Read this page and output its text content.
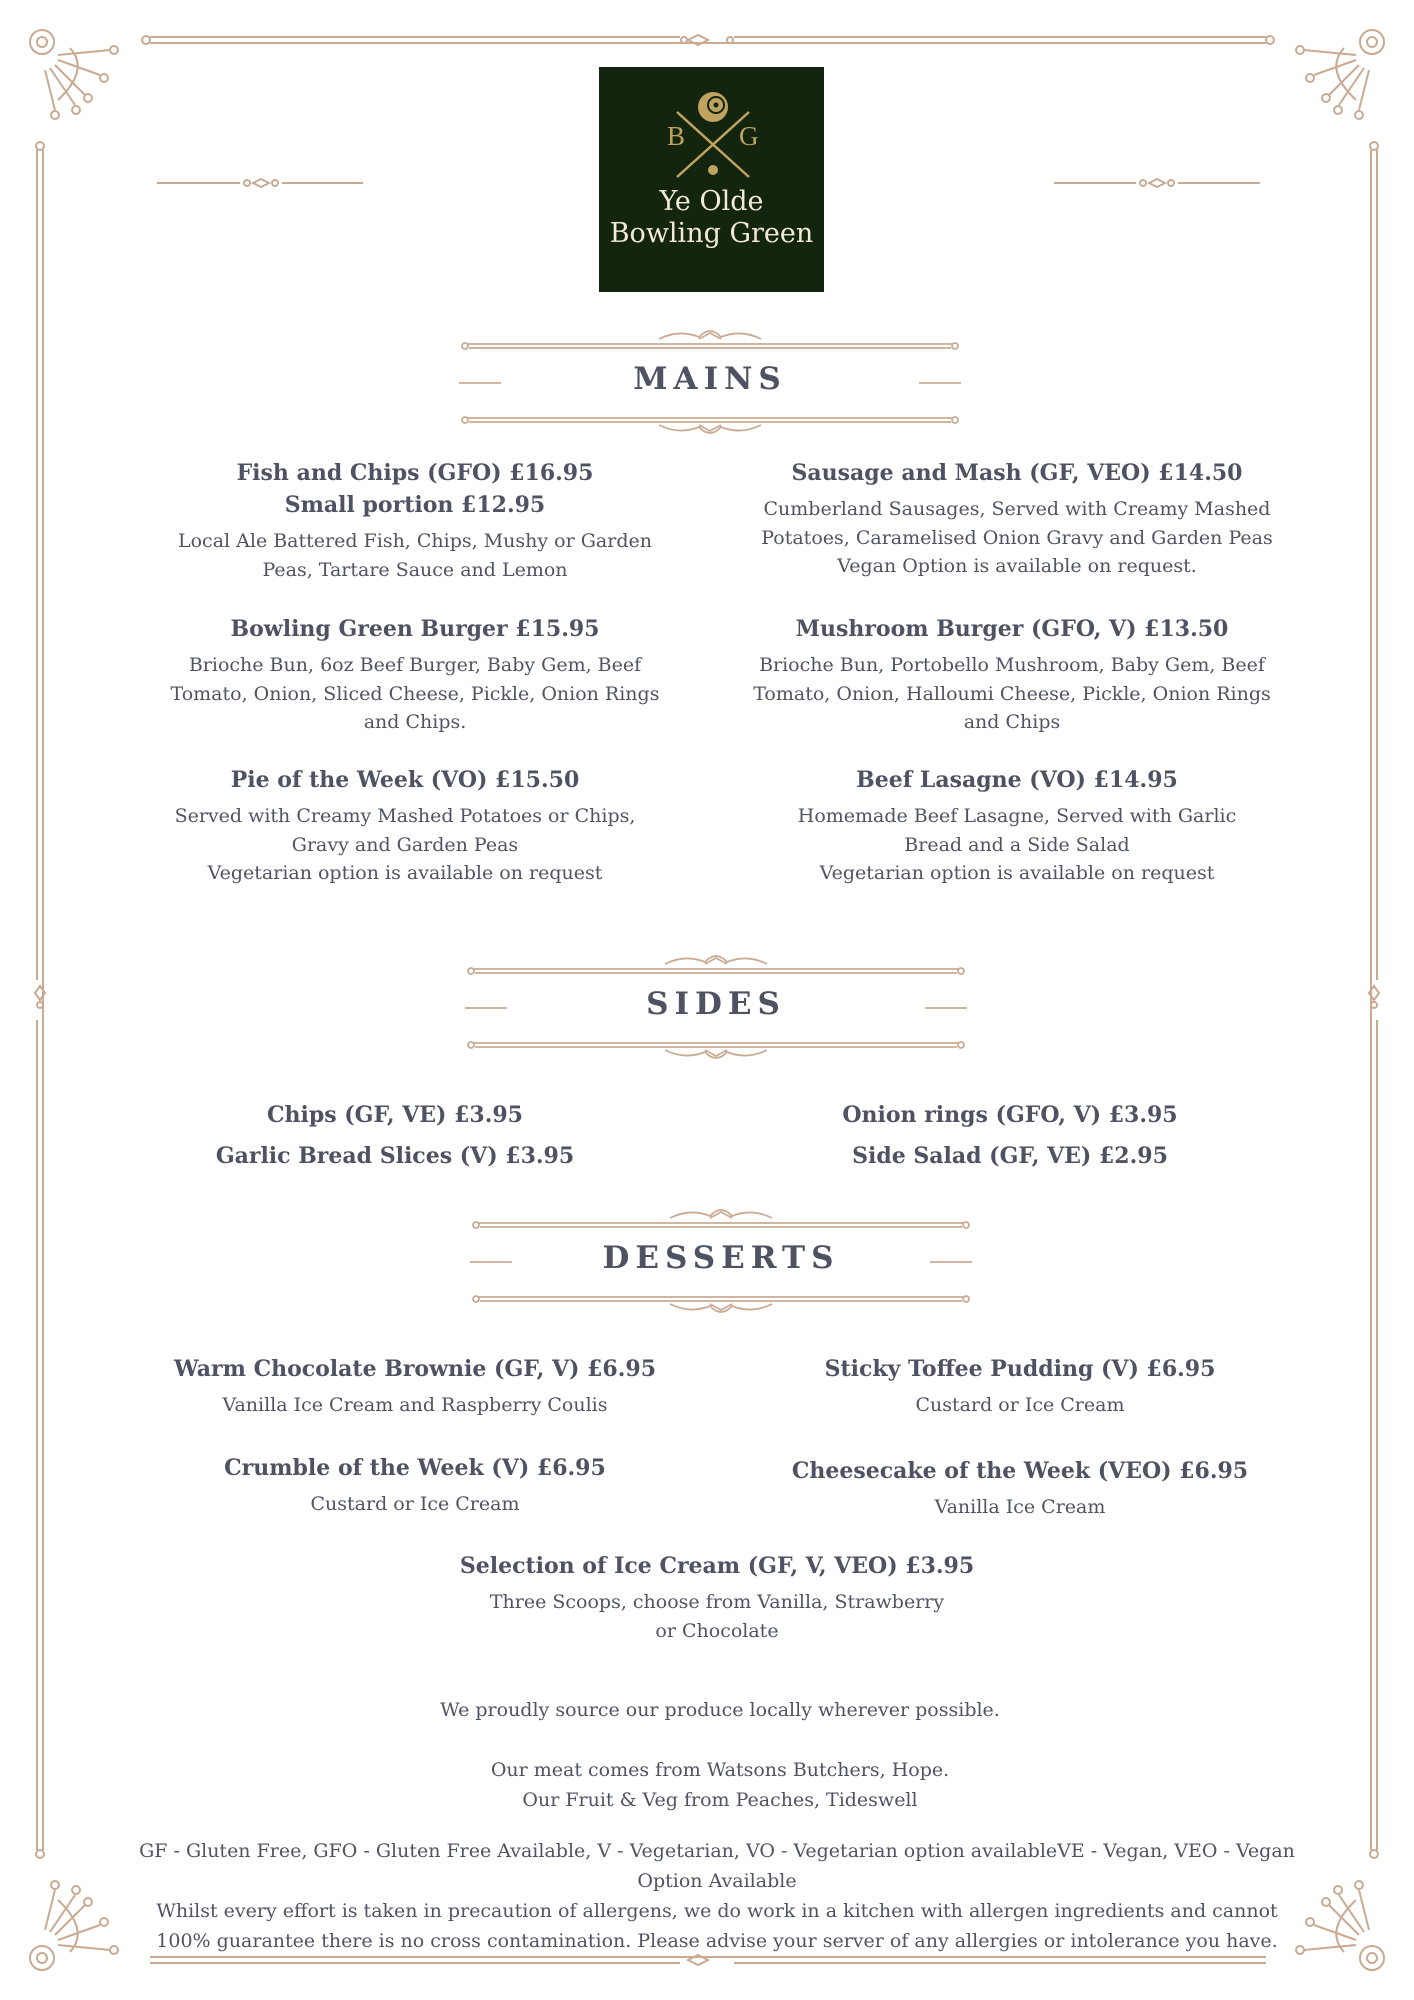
B G
Ye Olde
Bowling Green
MAINS
SIDES
DESSERTS
Fish and Chips (GFO) £16.95
Small portion £12.95
Local Ale Battered Fish, Chips, Mushy or Garden Peas, Tartare Sauce and Lemon
Sausage and Mash (GF, VEO) £14.50
Cumberland Sausages, Served with Creamy Mashed Potatoes, Caramelised Onion Gravy and Garden Peas
Vegan Option is available on request.
Bowling Green Burger £15.95
Brioche Bun, 6oz Beef Burger, Baby Gem, Beef Tomato, Onion, Sliced Cheese, Pickle, Onion Rings and Chips.
Mushroom Burger (GFO, V) £13.50
Brioche Bun, Portobello Mushroom, Baby Gem, Beef Tomato, Onion, Halloumi Cheese, Pickle, Onion Rings and Chips
Pie of the Week (VO) £15.50
Served with Creamy Mashed Potatoes or Chips, Gravy and Garden Peas
Vegetarian option is available on request
Beef Lasagne (VO) £14.95
Homemade Beef Lasagne, Served with Garlic Bread and a Side Salad
Vegetarian option is available on request
Chips (GF, VE) £3.95
Garlic Bread Slices (V) £3.95
Onion rings (GFO, V) £3.95
Side Salad (GF, VE) £2.95
Warm Chocolate Brownie (GF, V) £6.95
Vanilla Ice Cream and Raspberry Coulis
Sticky Toffee Pudding (V) £6.95
Custard or Ice Cream
Crumble of the Week (V) £6.95
Custard or Ice Cream
Cheesecake of the Week (VEO) £6.95
Vanilla Ice Cream
Selection of Ice Cream (GF, V, VEO) £3.95
Three Scoops, choose from Vanilla, Strawberry or Chocolate
We proudly source our produce locally wherever possible.
Our meat comes from Watsons Butchers, Hope.
Our Fruit & Veg from Peaches, Tideswell
GF - Gluten Free, GFO - Gluten Free Available, V - Vegetarian, VO - Vegetarian option availableVE - Vegan, VEO - Vegan Option Available
Whilst every effort is taken in precaution of allergens, we do work in a kitchen with allergen ingredients and cannot 100% guarantee there is no cross contamination. Please advise your server of any allergies or intolerance you have.
